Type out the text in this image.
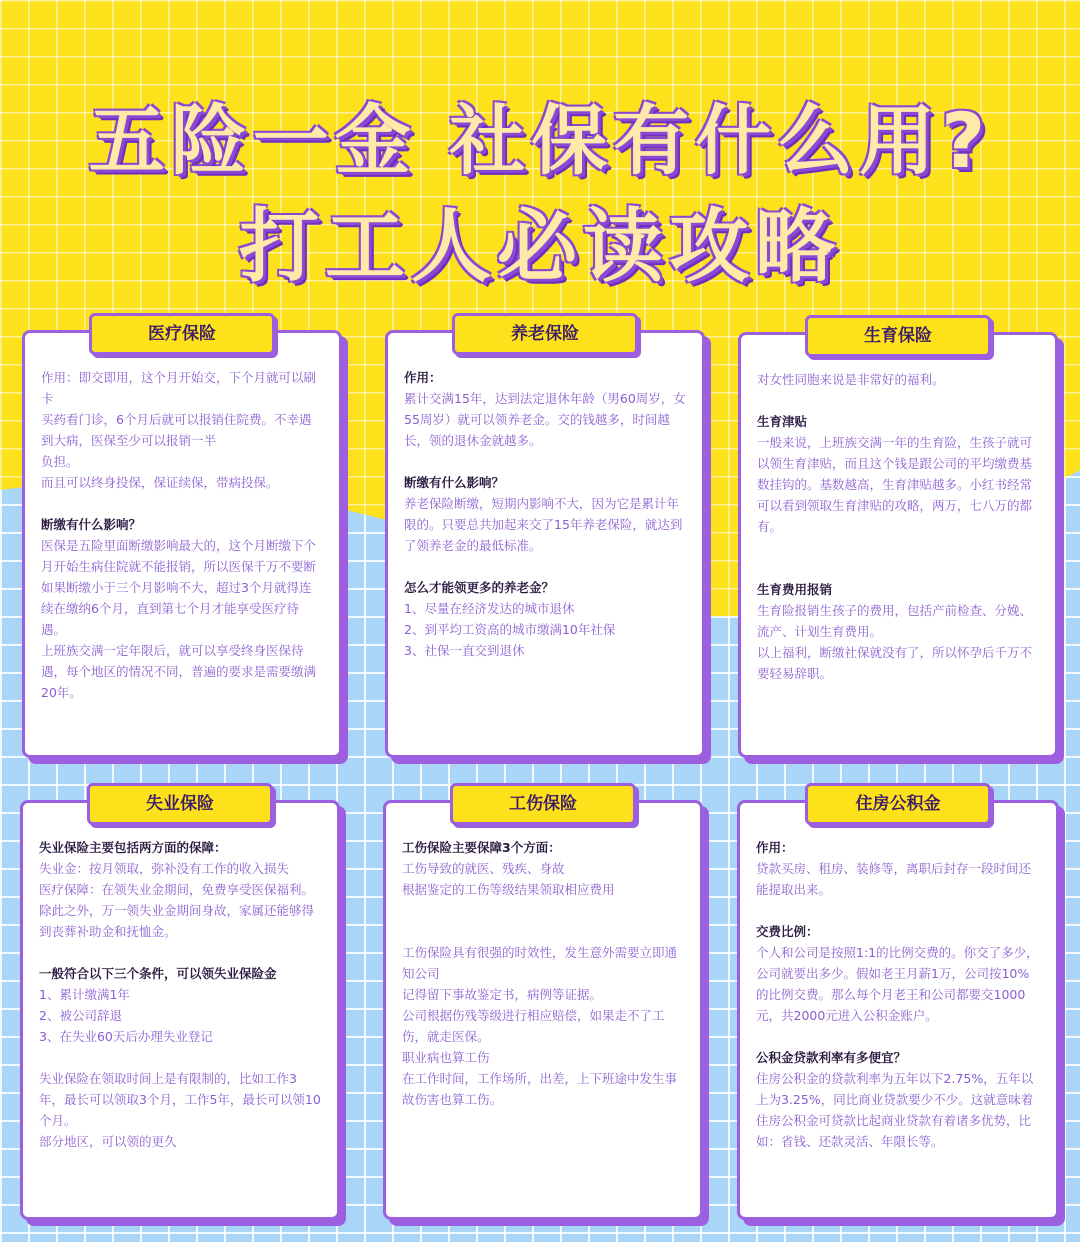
五险一金 社保有什么用?
打工人必读攻略
医疗保险

作用：即交即用，这个月开始交，下个月就可以刷卡

买药看门诊，6个月后就可以报销住院费。不幸遇到大病，医保至少可以报销一半

负担。

而且可以终身投保，保证续保，带病投保。

断缴有什么影响？

医保是五险里面断缴影响最大的，这个月断缴下个月开始生病住院就不能报销，所以医保千万不要断

如果断缴小于三个月影响不大，超过3个月就得连续在缴纳6个月，直到第七个月才能享受医疗待遇。

上班族交满一定年限后，就可以享受终身医保待遇，每个地区的情况不同，普遍的要求是需要缴满20年。

养老保险

作用：

累计交满15年，达到法定退休年龄（男60周岁，女55周岁）就可以领养老金。交的钱越多，时间越长，领的退休金就越多。

断缴有什么影响？

养老保险断缴，短期内影响不大，因为它是累计年限的。只要总共加起来交了15年养老保险，就达到了领养老金的最低标准。

怎么才能领更多的养老金？

1、尽量在经济发达的城市退休

2、到平均工资高的城市缴满10年社保

3、社保一直交到退休

生育保险

对女性同胞来说是非常好的福利。

生育津贴

一般来说，上班族交满一年的生育险，生孩子就可以领生育津贴，而且这个钱是跟公司的平均缴费基数挂钩的。基数越高，生育津贴越多。小红书经常可以看到领取生育津贴的攻略，两万，七八万的都有。

生育费用报销

生育险报销生孩子的费用，包括产前检查、分娩、流产、计划生育费用。

以上福利，断缴社保就没有了，所以怀孕后千万不要轻易辞职。

失业保险

失业保险主要包括两方面的保障：

失业金：按月领取，弥补没有工作的收入损失

医疗保障：在领失业金期间，免费享受医保福利。

除此之外，万一领失业金期间身故，家属还能够得到丧葬补助金和抚恤金。

一般符合以下三个条件，可以领失业保险金

1、累计缴满1年

2、被公司辞退

3、在失业60天后办理失业登记

失业保险在领取时间上是有限制的，比如工作3年，最长可以领取3个月，工作5年，最长可以领10个月。

部分地区，可以领的更久

工伤保险

工伤保险主要保障3个方面：

工伤导致的就医、残疾、身故

根据鉴定的工伤等级结果领取相应费用

工伤保险具有很强的时效性，发生意外需要立即通知公司

记得留下事故鉴定书，病例等证据。

公司根据伤残等级进行相应赔偿，如果走不了工伤，就走医保。

职业病也算工伤

在工作时间，工作场所，出差，上下班途中发生事故伤害也算工伤。

住房公积金

作用：

贷款买房、租房、装修等，离职后封存一段时间还能提取出来。

交费比例：

个人和公司是按照1:1的比例交费的。你交了多少，公司就要出多少。假如老王月薪1万，公司按10%的比例交费。那么每个月老王和公司都要交1000元，共2000元进入公积金账户。

公积金贷款利率有多便宜？

住房公积金的贷款利率为五年以下2.75%，五年以上为3.25%，同比商业贷款要少不少。这就意味着住房公积金可贷款比起商业贷款有着诸多优势，比如：省钱、还款灵活、年限长等。
